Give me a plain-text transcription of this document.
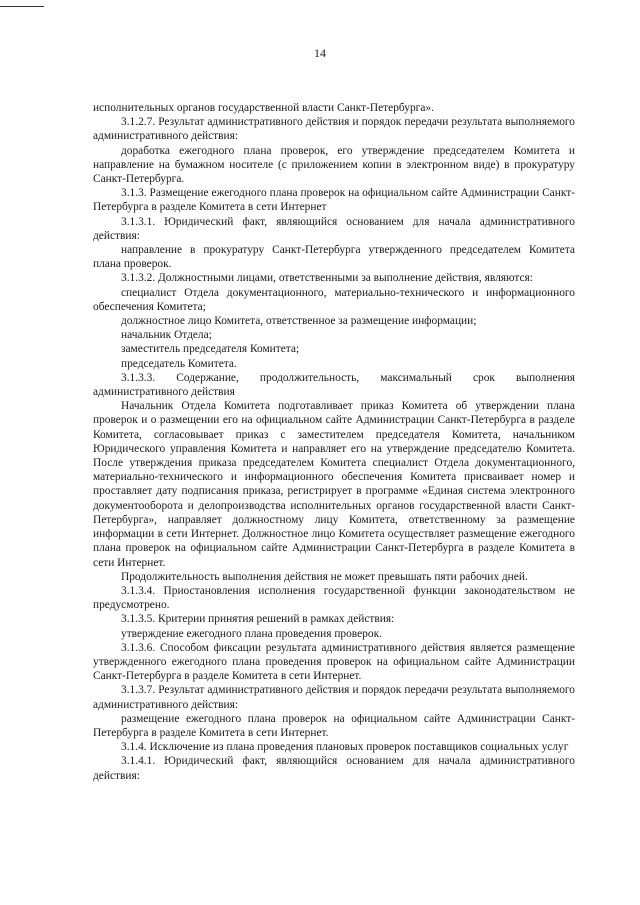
14

исполнительных органов государственной власти Санкт-Петербурга».

3.1.2.7. Результат административного действия и порядок передачи результата выполняемого административного действия:

доработка ежегодного плана проверок, его утверждение председателем Комитета и направление на бумажном носителе (с приложением копии в электронном виде) в прокуратуру Санкт-Петербурга.

3.1.3. Размещение ежегодного плана проверок на официальном сайте Администрации Санкт-Петербурга в разделе Комитета в сети Интернет

3.1.3.1. Юридический факт, являющийся основанием для начала административного действия:

направление в прокуратуру Санкт-Петербурга утвержденного председателем Комитета плана проверок.

3.1.3.2. Должностными лицами, ответственными за выполнение действия, являются:

специалист Отдела документационного, материально-технического и информационного обеспечения Комитета;

должностное лицо Комитета, ответственное за размещение информации;

начальник Отдела;

заместитель председателя Комитета;

председатель Комитета.

3.1.3.3. Содержание, продолжительность, максимальный срок выполнения административного действия

Начальник Отдела Комитета подготавливает приказ Комитета об утверждении плана проверок и о размещении его на официальном сайте Администрации Санкт-Петербурга в разделе Комитета, согласовывает приказ с заместителем председателя Комитета, начальником Юридического управления Комитета и направляет его на утверждение председателю Комитета. После утверждения приказа председателем Комитета специалист Отдела документационного, материально-технического и информационного обеспечения Комитета присваивает номер и проставляет дату подписания приказа, регистрирует в программе «Единая система электронного документооборота и делопроизводства исполнительных органов государственной власти Санкт-Петербурга», направляет должностному лицу Комитета, ответственному за размещение информации в сети Интернет. Должностное лицо Комитета осуществляет размещение ежегодного плана проверок на официальном сайте Администрации Санкт-Петербурга в разделе Комитета в сети Интернет.

Продолжительность выполнения действия не может превышать пяти рабочих дней.

3.1.3.4. Приостановления исполнения государственной функции законодательством не предусмотрено.

3.1.3.5. Критерии принятия решений в рамках действия:

утверждение ежегодного плана проведения проверок.

3.1.3.6. Способом фиксации результата административного действия является размещение утвержденного ежегодного плана проведения проверок на официальном сайте Администрации Санкт-Петербурга в разделе Комитета в сети Интернет.

3.1.3.7. Результат административного действия и порядок передачи результата выполняемого административного действия:

размещение ежегодного плана проверок на официальном сайте Администрации Санкт-Петербурга в разделе Комитета в сети Интернет.

3.1.4. Исключение из плана проведения плановых проверок поставщиков социальных услуг

3.1.4.1. Юридический факт, являющийся основанием для начала административного действия:
